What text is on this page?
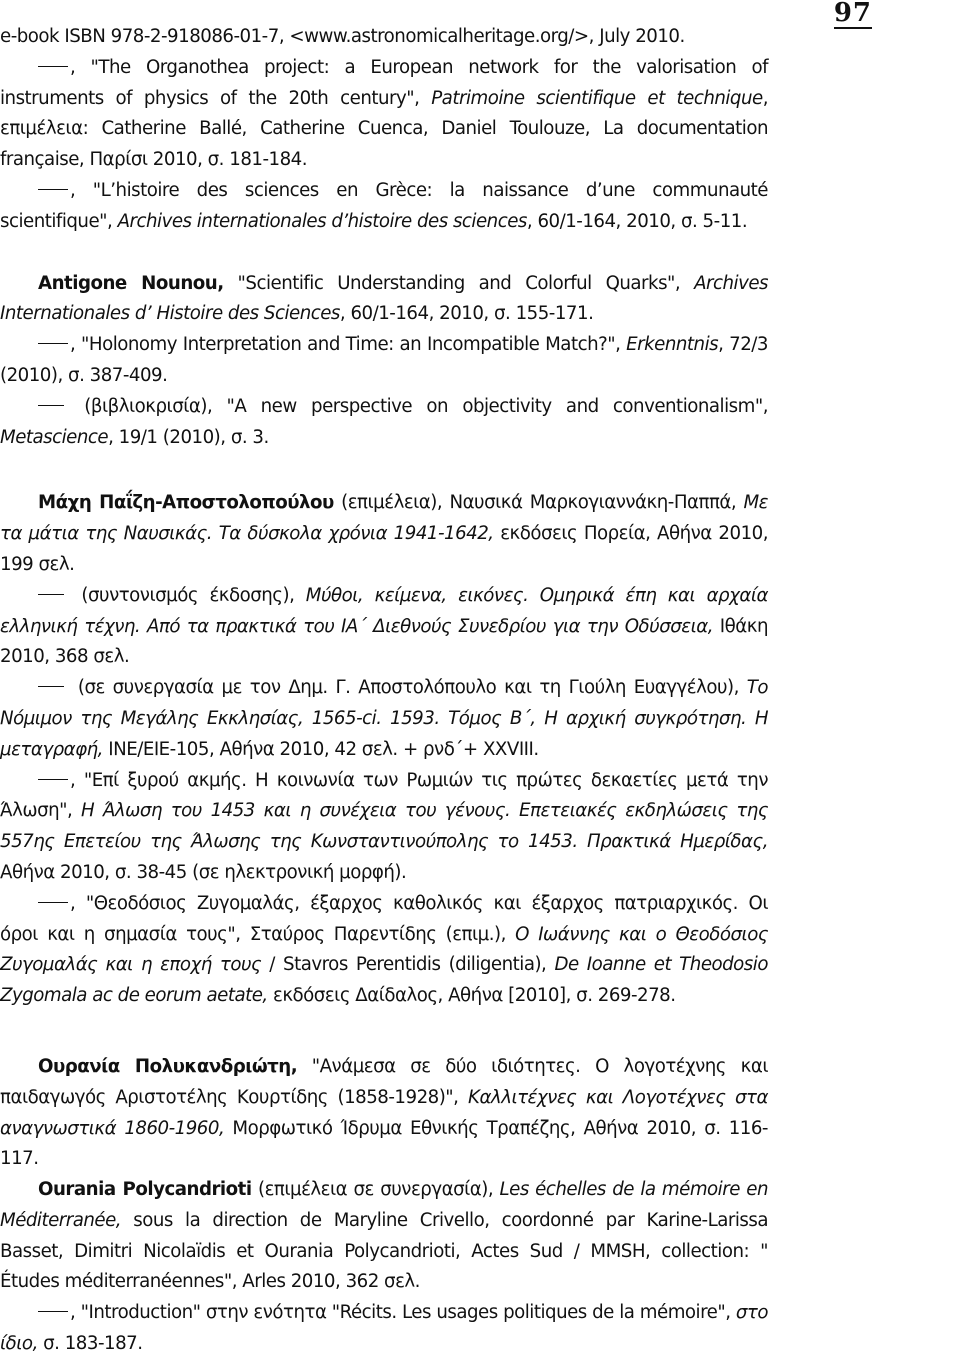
97

e-book ISBN 978-2-918086-01-7, <www.astronomicalheritage.org/>, July 2010.

, "The Organothea project: a European network for the valorisation of instruments of physics of the 20th century", Patrimoine scientifique et technique, επιμέλεια: Catherine Ballé, Catherine Cuenca, Daniel Toulouze, La documentation française, Παρίσι 2010, σ. 181-184.

, "L’histoire des sciences en Grèce: la naissance d’une communauté scientifique", Archives internationales d’histoire des sciences, 60/1-164, 2010, σ. 5-11.

Antigone Nounou, "Scientific Understanding and Colorful Quarks", Archives Internationales d’ Histoire des Sciences, 60/1-164, 2010, σ. 155-171.

, "Holonomy Interpretation and Time: an Incompatible Match?", Erkenntnis, 72/3 (2010), σ. 387-409.

(βιβλιοκρισία), "A new perspective on objectivity and conventionalism", Metascience, 19/1 (2010), σ. 3.

Μάχη Παΐζη-Αποστολοπούλου (επιμέλεια), Ναυσικά Μαρκογιαννάκη-Παππά, Με τα μάτια της Ναυσικάς. Τα δύσκολα χρόνια 1941-1642, εκδόσεις Πορεία, Αθήνα 2010, 199 σελ.

(συντονισμός έκδοσης), Μύθοι, κείμενα, εικόνες. Ομηρικά έπη και αρχαία ελληνική τέχνη. Από τα πρακτικά του ΙΑ΄ Διεθνούς Συνεδρίου για την Οδύσσεια, Ιθάκη 2010, 368 σελ.

(σε συνεργασία με τον Δημ. Γ. Αποστολόπουλο και τη Γιούλη Ευαγγέλου), Το Νόμιμον της Μεγάλης Εκκλησίας, 1565-ci. 1593. Τόμος Β΄, Η αρχική συγκρότηση. Η μεταγραφή, ΙΝΕ/ΕΙΕ-105, Αθήνα 2010, 42 σελ. + ρνδ΄+ XXVIII.

, "Επί ξυρού ακμής. Η κοινωνία των Ρωμιών τις πρώτες δεκαετίες μετά την Άλωση", Η Άλωση του 1453 και η συνέχεια του γένους. Επετειακές εκδηλώσεις της 557ης Επετείου της Άλωσης της Κωνσταντινούπολης το 1453. Πρακτικά Ημερίδας, Αθήνα 2010, σ. 38-45 (σε ηλεκτρονική μορφή).

, "Θεοδόσιος Ζυγομαλάς, έξαρχος καθολικός και έξαρχος πατριαρχικός. Οι όροι και η σημασία τους", Σταύρος Παρεντίδης (επιμ.), Ο Ιωάννης και ο Θεοδόσιος Ζυγομαλάς και η εποχή τους / Stavros Perentidis (diligentia), De Ioanne et Theodosio Zygomala ac de eorum aetate, εκδόσεις Δαίδαλος, Αθήνα [2010], σ. 269-278.

Ουρανία Πολυκανδριώτη, "Ανάμεσα σε δύο ιδιότητες. Ο λογοτέχνης και παιδαγωγός Αριστοτέλης Κουρτίδης (1858-1928)", Καλλιτέχνες και Λογοτέχνες στα αναγνωστικά 1860-1960, Μορφωτικό Ίδρυμα Εθνικής Τραπέζης, Αθήνα 2010, σ. 116-117.

Ourania Polycandrioti (επιμέλεια σε συνεργασία), Les échelles de la mémoire en Méditerranée, sous la direction de Maryline Crivello, coordonné par Karine-Larissa Basset, Dimitri Nicolaïdis et Ourania Polycandrioti, Actes Sud / MMSH, collection: " Études méditerranéennes", Arles 2010, 362 σελ.

, "Introduction" στην ενότητα "Récits. Les usages politiques de la mémoire", στο ίδιο, σ. 183-187.
